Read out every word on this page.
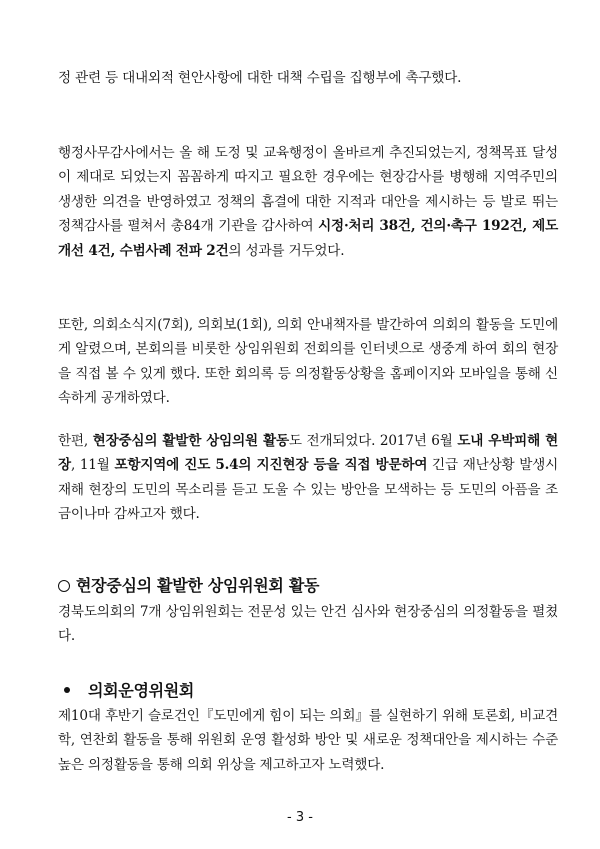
정 관련 등 대내외적 현안사항에 대한 대책 수립을 집행부에 촉구했다.

행정사무감사에서는 올 해 도정 및 교육행정이 올바르게 추진되었는지, 정책목표 달성이 제대로 되었는지 꼼꼼하게 따지고 필요한 경우에는 현장감사를 병행해 지역주민의 생생한 의견을 반영하였고 정책의 흠결에 대한 지적과 대안을 제시하는 등 발로 뛰는 정책감사를 펼쳐서 총84개 기관을 감사하여 시정·처리 38건, 건의·촉구 192건, 제도개선 4건, 수범사례 전파 2건의 성과를 거두었다.

또한, 의회소식지(7회), 의회보(1회), 의회 안내책자를 발간하여 의회의 활동을 도민에게 알렸으며, 본회의를 비롯한 상임위원회 전회의를 인터넷으로 생중계 하여 회의 현장을 직접 볼 수 있게 했다. 또한 회의록 등 의정활동상황을 홈페이지와 모바일을 통해 신속하게 공개하였다.

한편, 현장중심의 활발한 상임의원 활동도 전개되었다. 2017년 6월 도내 우박피해 현장, 11월 포항지역에 진도 5.4의 지진현장 등을 직접 방문하여 긴급 재난상황 발생시 재해 현장의 도민의 목소리를 듣고 도울 수 있는 방안을 모색하는 등 도민의 아픔을 조금이나마 감싸고자 했다.

현장중심의 활발한 상임위원회 활동

경북도의회의 7개 상임위원회는 전문성 있는 안건 심사와 현장중심의 의정활동을 펼쳤다.

의회운영위원회

제10대 후반기 슬로건인『도민에게 힘이 되는 의회』를 실현하기 위해 토론회, 비교견학, 연찬회 활동을 통해 위원회 운영 활성화 방안 및 새로운 정책대안을 제시하는 수준 높은 의정활동을 통해 의회 위상을 제고하고자 노력했다.

- 3 -
